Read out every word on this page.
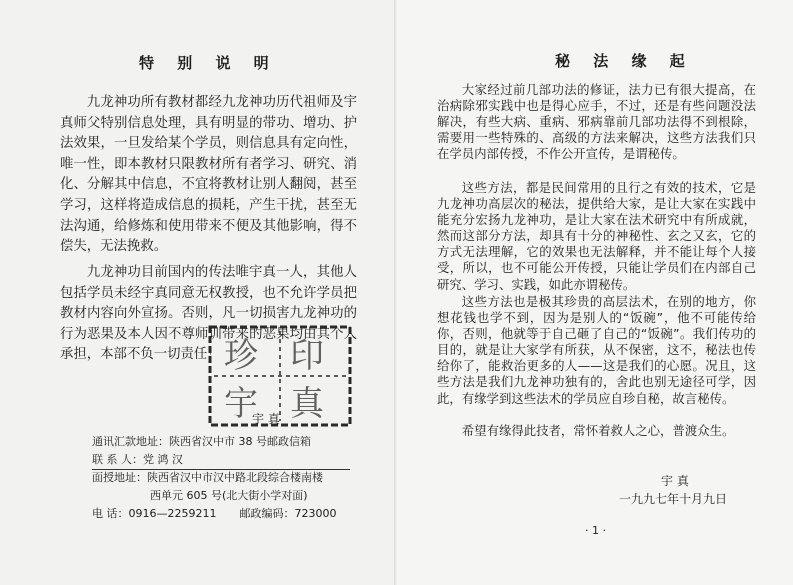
特 别 说 明

九龙神功所有教材都经九龙神功历代祖师及宇真师父特别信息处理，具有明显的带功、增功、护法效果，一旦发给某个学员，则信息具有定向性，唯一性，即本教材只限教材所有者学习、研究、消化、分解其中信息，不宜将教材让别人翻阅，甚至学习，这样将造成信息的损耗，产生干扰，甚至无法沟通，给修炼和使用带来不便及其他影响，得不偿失，无法挽救。

九龙神功目前国内的传法唯宇真一人，其他人包括学员未经宇真同意无权教授，也不允许学员把教材内容向外宣扬。否则，凡一切损害九龙神功的行为恶果及本人因不尊师训带来的恶果均由其个人承担，本部不负一切责任！

宇 真
珍 印
宇 真
通讯汇款地址：陕西省汉中市 38 号邮政信箱
联 系 人：党 鸿 汉
面授地址：陕西省汉中市汉中路北段综合楼南楼
西单元 605 号(北大街小学对面)
电 话：0916—2259211 邮政编码：723000
秘 法 缘 起

大家经过前几部功法的修证，法力已有很大提高，在治病除邪实践中也是得心应手，不过，还是有些问题没法解决，有些大病、重病、邪病靠前几部功法得不到根除，需要用一些特殊的、高级的方法来解决，这些方法我们只在学员内部传授，不作公开宣传，是谓秘传。

这些方法，都是民间常用的且行之有效的技术，它是九龙神功高层次的秘法，提供给大家，是让大家在实践中能充分宏扬九龙神功，是让大家在法术研究中有所成就，然而这部分方法，却具有十分的神秘性、玄之又玄，它的方式无法理解，它的效果也无法解释，并不能让每个人接受，所以，也不可能公开传授，只能让学员们在内部自己研究、学习、实践，如此亦谓秘传。

这些方法也是极其珍贵的高层法术，在别的地方，你想花钱也学不到，因为是别人的“饭碗”，他不可能传给你，否则，他就等于自己砸了自己的“饭碗”。我们传功的目的，就是让大家学有所获，从不保密，这不，秘法也传给你了，能救治更多的人——这是我们的心愿。况且，这些方法是我们九龙神功独有的，舍此也别无途径可学，因此，有缘学到这些法术的学员应自珍自秘，故言秘传。

希望有缘得此技者，常怀着救人之心，普渡众生。

宇 真
一九九七年十月九日
· 1 ·
